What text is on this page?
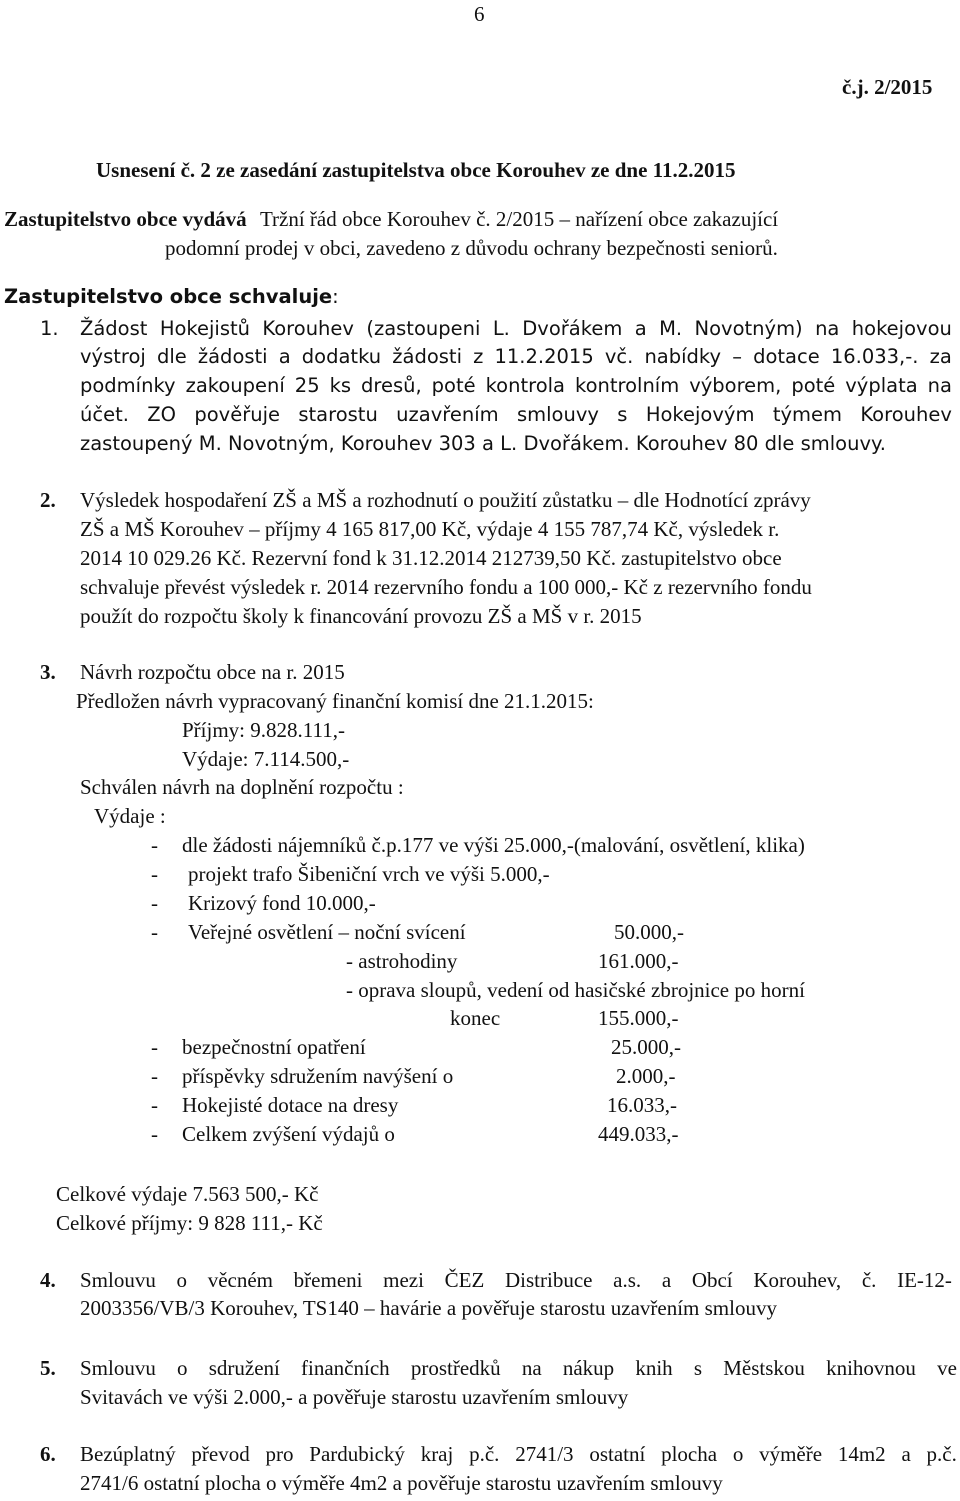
6
č.j. 2/2015
Usnesení č. 2 ze zasedání zastupitelstva obce Korouhev ze dne 11.2.2015
Zastupitelstvo obce vydává Tržní řád obce Korouhev č. 2/2015 – nařízení obce zakazující
podomní prodej v obci, zavedeno z důvodu ochrany bezpečnosti seniorů.
Zastupitelstvo obce schvaluje:
1. Žádost Hokejistů Korouhev (zastoupeni L. Dvořákem a M. Novotným) na hokejovou
výstroj dle žádosti a dodatku žádosti z 11.2.2015 vč. nabídky – dotace 16.033,-. za
podmínky zakoupení 25 ks dresů, poté kontrola kontrolním výborem, poté výplata na
účet. ZO pověřuje starostu uzavřením smlouvy s Hokejovým týmem Korouhev
zastoupený M. Novotným, Korouhev 303 a L. Dvořákem. Korouhev 80 dle smlouvy.
2. Výsledek hospodaření ZŠ a MŠ a rozhodnutí o použití zůstatku – dle Hodnotící zprávy
ZŠ a MŠ Korouhev – příjmy 4 165 817,00 Kč, výdaje 4 155 787,74 Kč, výsledek r.
2014 10 029.26 Kč. Rezervní fond k 31.12.2014 212739,50 Kč. zastupitelstvo obce
schvaluje převést výsledek r. 2014 rezervního fondu a 100 000,- Kč z rezervního fondu
použít do rozpočtu školy k financování provozu ZŠ a MŠ v r. 2015
3. Návrh rozpočtu obce na r. 2015
Předložen návrh vypracovaný finanční komisí dne 21.1.2015:
Příjmy: 9.828.111,-
Výdaje: 7.114.500,-
Schválen návrh na doplnění rozpočtu :
Výdaje :
- dle žádosti nájemníků č.p.177 ve výši 25.000,-(malování, osvětlení, klika)
- projekt trafo Šibeniční vrch ve výši 5.000,-
- Krizový fond 10.000,-
- Veřejné osvětlení – noční svícení	50.000,-
- astrohodiny	161.000,-
- oprava sloupů, vedení od hasičské zbrojnice po horní
konec	155.000,-
- bezpečnostní opatření	25.000,-
- příspěvky sdružením navýšení o	2.000,-
- Hokejisté dotace na dresy	16.033,-
- Celkem zvýšení výdajů o	449.033,-
Celkové výdaje 7.563 500,- Kč
Celkové příjmy: 9 828 111,- Kč
4. Smlouvu o věcném břemeni mezi ČEZ Distribuce a.s. a Obcí Korouhev, č. IE-12-
2003356/VB/3 Korouhev, TS140 – havárie a pověřuje starostu uzavřením smlouvy
5. Smlouvu o sdružení finančních prostředků na nákup knih s Městskou knihovnou ve
Svitavách ve výši 2.000,- a pověřuje starostu uzavřením smlouvy
6. Bezúplatný převod pro Pardubický kraj p.č. 2741/3 ostatní plocha o výměře 14m2 a p.č.
2741/6 ostatní plocha o výměře 4m2 a pověřuje starostu uzavřením smlouvy
